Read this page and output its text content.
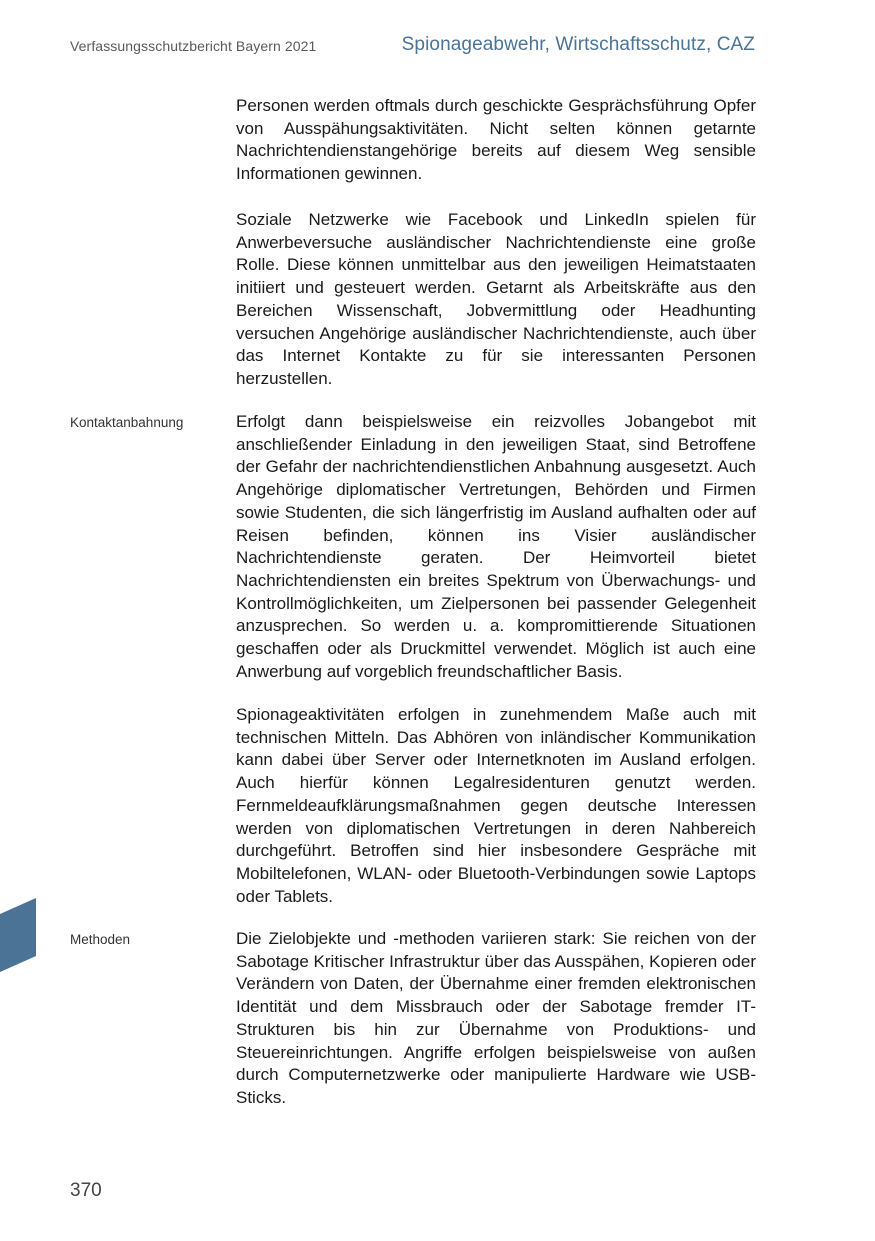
Verfassungsschutzbericht Bayern 2021	Spionageabwehr, Wirtschaftsschutz, CAZ

Personen werden oftmals durch geschickte Gesprächsführung Opfer von Ausspähungsaktivitäten. Nicht selten können getarnte Nachrichtendienstangehörige bereits auf diesem Weg sensible Informationen gewinnen.

Soziale Netzwerke wie Facebook und LinkedIn spielen für Anwerbeversuche ausländischer Nachrichtendienste eine große Rolle. Diese können unmittelbar aus den jeweiligen Heimatstaaten initiiert und gesteuert werden. Getarnt als Arbeitskräfte aus den Bereichen Wissenschaft, Jobvermittlung oder Headhunting versuchen Angehörige ausländischer Nachrichtendienste, auch über das Internet Kontakte zu für sie interessanten Personen herzustellen.

Kontaktanbahnung	Erfolgt dann beispielsweise ein reizvolles Jobangebot mit anschließender Einladung in den jeweiligen Staat, sind Betroffene der Gefahr der nachrichtendienstlichen Anbahnung ausgesetzt. Auch Angehörige diplomatischer Vertretungen, Behörden und Firmen sowie Studenten, die sich längerfristig im Ausland aufhalten oder auf Reisen befinden, können ins Visier ausländischer Nachrichtendienste geraten. Der Heimvorteil bietet Nachrichtendiensten ein breites Spektrum von Überwachungs- und Kontrollmöglichkeiten, um Zielpersonen bei passender Gelegenheit anzusprechen. So werden u. a. kompromittierende Situationen geschaffen oder als Druckmittel verwendet. Möglich ist auch eine Anwerbung auf vorgeblich freundschaftlicher Basis.

Spionageaktivitäten erfolgen in zunehmendem Maße auch mit technischen Mitteln. Das Abhören von inländischer Kommunikation kann dabei über Server oder Internetknoten im Ausland erfolgen. Auch hierfür können Legalresidenturen genutzt werden. Fernmeldeaufklärungsmaßnahmen gegen deutsche Interessen werden von diplomatischen Vertretungen in deren Nahbereich durchgeführt. Betroffen sind hier insbesondere Gespräche mit Mobiltelefonen, WLAN- oder Bluetooth-Verbindungen sowie Laptops oder Tablets.

Methoden	Die Zielobjekte und -methoden variieren stark: Sie reichen von der Sabotage Kritischer Infrastruktur über das Ausspähen, Kopieren oder Verändern von Daten, der Übernahme einer fremden elektronischen Identität und dem Missbrauch oder der Sabotage fremder IT-Strukturen bis hin zur Übernahme von Produktions- und Steuereinrichtungen. Angriffe erfolgen beispielsweise von außen durch Computernetzwerke oder manipulierte Hardware wie USB-Sticks.

370
